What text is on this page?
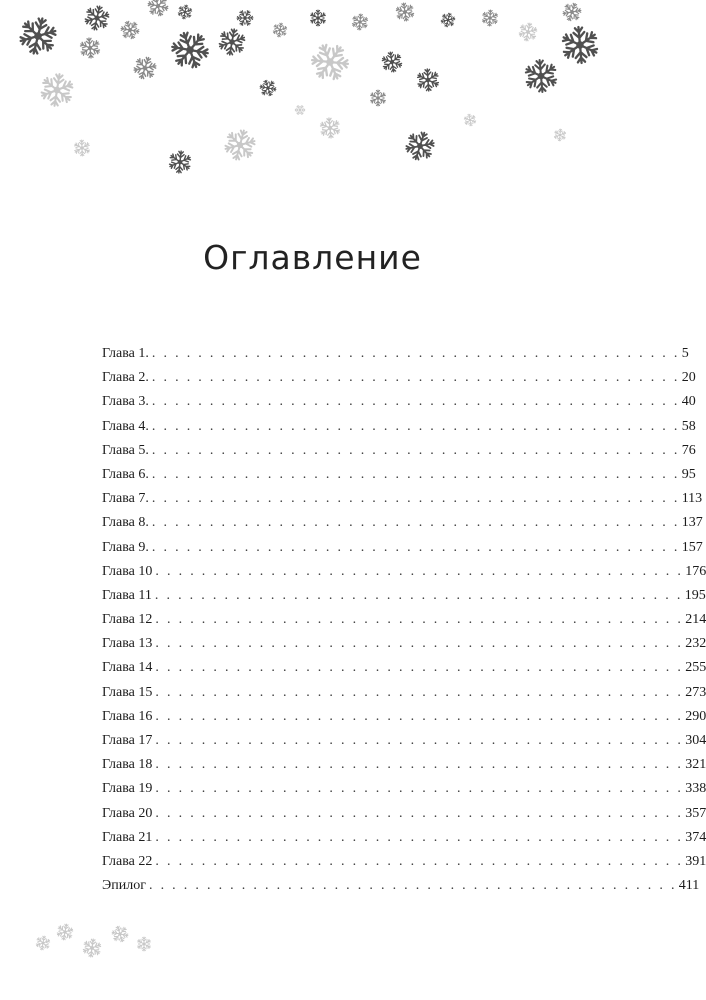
Оглавление
Глава 1. . . . . . . . . . . . . . . . . . . . . . . . . . . . . . . . . . . . . . . . . . . . . . . 5
Глава 2. . . . . . . . . . . . . . . . . . . . . . . . . . . . . . . . . . . . . . . . . . . . . . . 20
Глава 3. . . . . . . . . . . . . . . . . . . . . . . . . . . . . . . . . . . . . . . . . . . . . . . 40
Глава 4. . . . . . . . . . . . . . . . . . . . . . . . . . . . . . . . . . . . . . . . . . . . . . . 58
Глава 5. . . . . . . . . . . . . . . . . . . . . . . . . . . . . . . . . . . . . . . . . . . . . . . 76
Глава 6. . . . . . . . . . . . . . . . . . . . . . . . . . . . . . . . . . . . . . . . . . . . . . . 95
Глава 7. . . . . . . . . . . . . . . . . . . . . . . . . . . . . . . . . . . . . . . . . . . . . . . 113
Глава 8. . . . . . . . . . . . . . . . . . . . . . . . . . . . . . . . . . . . . . . . . . . . . . . 137
Глава 9. . . . . . . . . . . . . . . . . . . . . . . . . . . . . . . . . . . . . . . . . . . . . . . 157
Глава 10 . . . . . . . . . . . . . . . . . . . . . . . . . . . . . . . . . . . . . . . . . . . . . . 176
Глава 11 . . . . . . . . . . . . . . . . . . . . . . . . . . . . . . . . . . . . . . . . . . . . . . 195
Глава 12 . . . . . . . . . . . . . . . . . . . . . . . . . . . . . . . . . . . . . . . . . . . . . . 214
Глава 13 . . . . . . . . . . . . . . . . . . . . . . . . . . . . . . . . . . . . . . . . . . . . . . 232
Глава 14 . . . . . . . . . . . . . . . . . . . . . . . . . . . . . . . . . . . . . . . . . . . . . . 255
Глава 15 . . . . . . . . . . . . . . . . . . . . . . . . . . . . . . . . . . . . . . . . . . . . . . 273
Глава 16 . . . . . . . . . . . . . . . . . . . . . . . . . . . . . . . . . . . . . . . . . . . . . . 290
Глава 17 . . . . . . . . . . . . . . . . . . . . . . . . . . . . . . . . . . . . . . . . . . . . . . 304
Глава 18 . . . . . . . . . . . . . . . . . . . . . . . . . . . . . . . . . . . . . . . . . . . . . . 321
Глава 19 . . . . . . . . . . . . . . . . . . . . . . . . . . . . . . . . . . . . . . . . . . . . . . 338
Глава 20 . . . . . . . . . . . . . . . . . . . . . . . . . . . . . . . . . . . . . . . . . . . . . . 357
Глава 21 . . . . . . . . . . . . . . . . . . . . . . . . . . . . . . . . . . . . . . . . . . . . . . 374
Глава 22 . . . . . . . . . . . . . . . . . . . . . . . . . . . . . . . . . . . . . . . . . . . . . . 391
Эпилог . . . . . . . . . . . . . . . . . . . . . . . . . . . . . . . . . . . . . . . . . . . . . . 411
